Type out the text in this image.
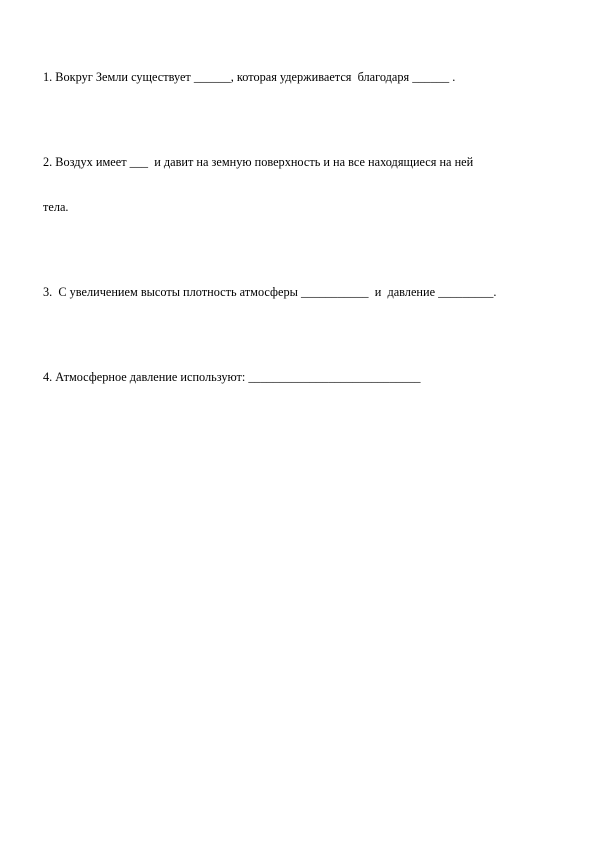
1. Вокруг Земли существует ______, которая удерживается  благодаря ______ .

2. Воздух имеет ___  и давит на земную поверхность и на все находящиеся на ней

тела.

3.  С увеличением высоты плотность атмосферы ___________  и  давление _________.

4. Атмосферное давление используют: ____________________________
